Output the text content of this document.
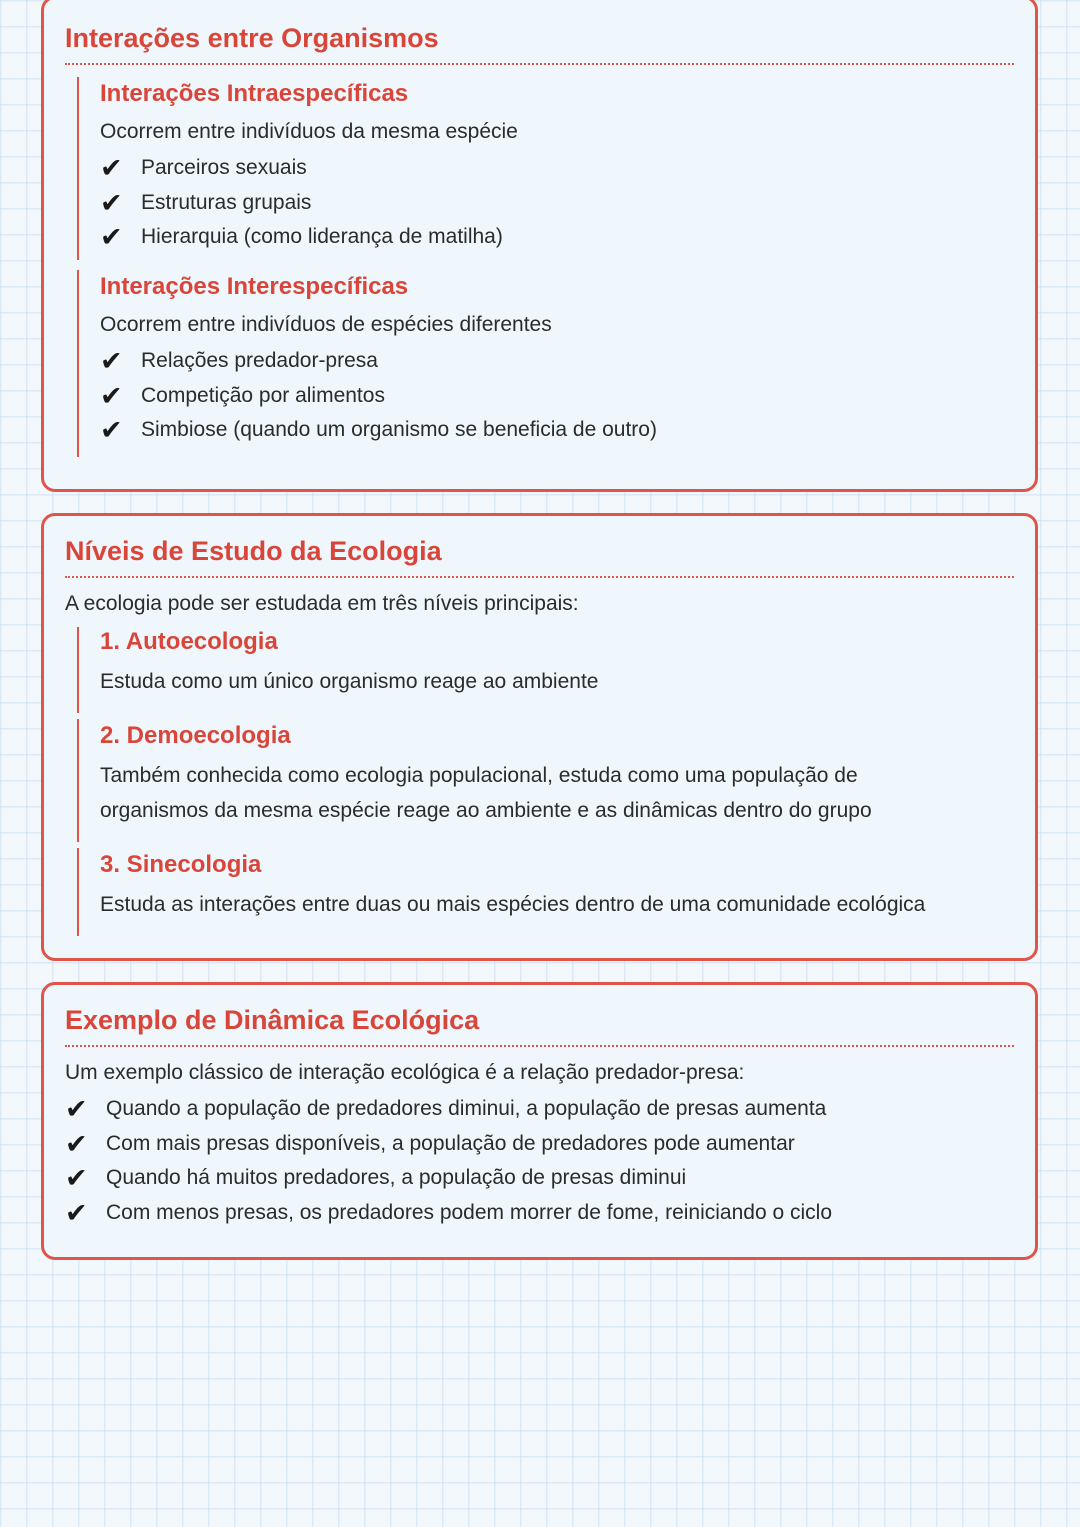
Interações entre Organismos
Interações Intraespecíficas

Ocorrem entre indivíduos da mesma espécie

✔ Parceiros sexuais
✔ Estruturas grupais
✔ Hierarquia (como liderança de matilha)
Interações Interespecíficas

Ocorrem entre indivíduos de espécies diferentes

✔ Relações predador-presa
✔ Competição por alimentos
✔ Simbiose (quando um organismo se beneficia de outro)
Níveis de Estudo da Ecologia

A ecologia pode ser estudada em três níveis principais:

1. Autoecologia

Estuda como um único organismo reage ao ambiente

2. Demoecologia

Também conhecida como ecologia populacional, estuda como uma população de
organismos da mesma espécie reage ao ambiente e as dinâmicas dentro do grupo

3. Sinecologia

Estuda as interações entre duas ou mais espécies dentro de uma comunidade ecológica

Exemplo de Dinâmica Ecológica

Um exemplo clássico de interação ecológica é a relação predador-presa:

✔ Quando a população de predadores diminui, a população de presas aumenta
✔ Com mais presas disponíveis, a população de predadores pode aumentar
✔ Quando há muitos predadores, a população de presas diminui
✔ Com menos presas, os predadores podem morrer de fome, reiniciando o ciclo
